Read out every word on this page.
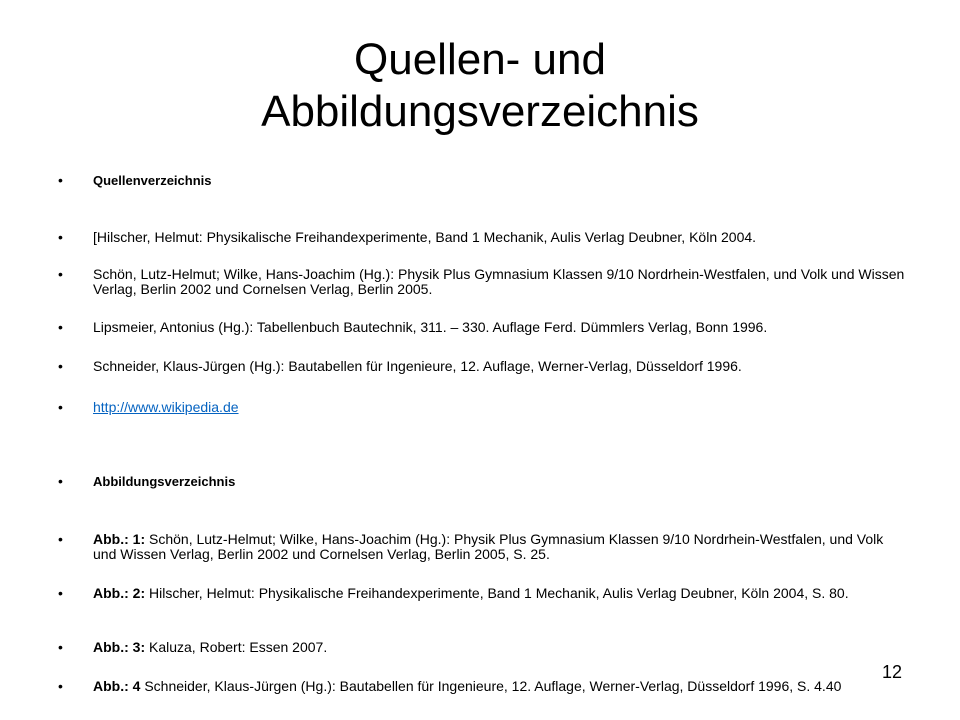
Quellen- und
Abbildungsverzeichnis
•	Quellenverzeichnis
•	[Hilscher, Helmut: Physikalische Freihandexperimente, Band 1 Mechanik, Aulis Verlag Deubner, Köln 2004.
•	Schön, Lutz-Helmut; Wilke, Hans-Joachim (Hg.): Physik Plus Gymnasium Klassen 9/10 Nordrhein-Westfalen, und Volk und Wissen Verlag, Berlin 2002 und Cornelsen Verlag, Berlin 2005.
•	Lipsmeier, Antonius (Hg.): Tabellenbuch Bautechnik, 311. – 330. Auflage Ferd. Dümmlers Verlag, Bonn 1996.
•	Schneider, Klaus-Jürgen (Hg.): Bautabellen für Ingenieure, 12. Auflage, Werner-Verlag, Düsseldorf 1996.
•	http://www.wikipedia.de
•	Abbildungsverzeichnis
•	Abb.: 1: Schön, Lutz-Helmut; Wilke, Hans-Joachim (Hg.): Physik Plus Gymnasium Klassen 9/10 Nordrhein-Westfalen, und Volk und Wissen Verlag, Berlin 2002 und Cornelsen Verlag, Berlin 2005, S. 25.
•	Abb.: 2: Hilscher, Helmut: Physikalische Freihandexperimente, Band 1 Mechanik, Aulis Verlag Deubner, Köln 2004, S. 80.
•	Abb.: 3: Kaluza, Robert: Essen 2007.
•	Abb.: 4 Schneider, Klaus-Jürgen (Hg.): Bautabellen für Ingenieure, 12. Auflage, Werner-Verlag, Düsseldorf 1996, S. 4.40
12
